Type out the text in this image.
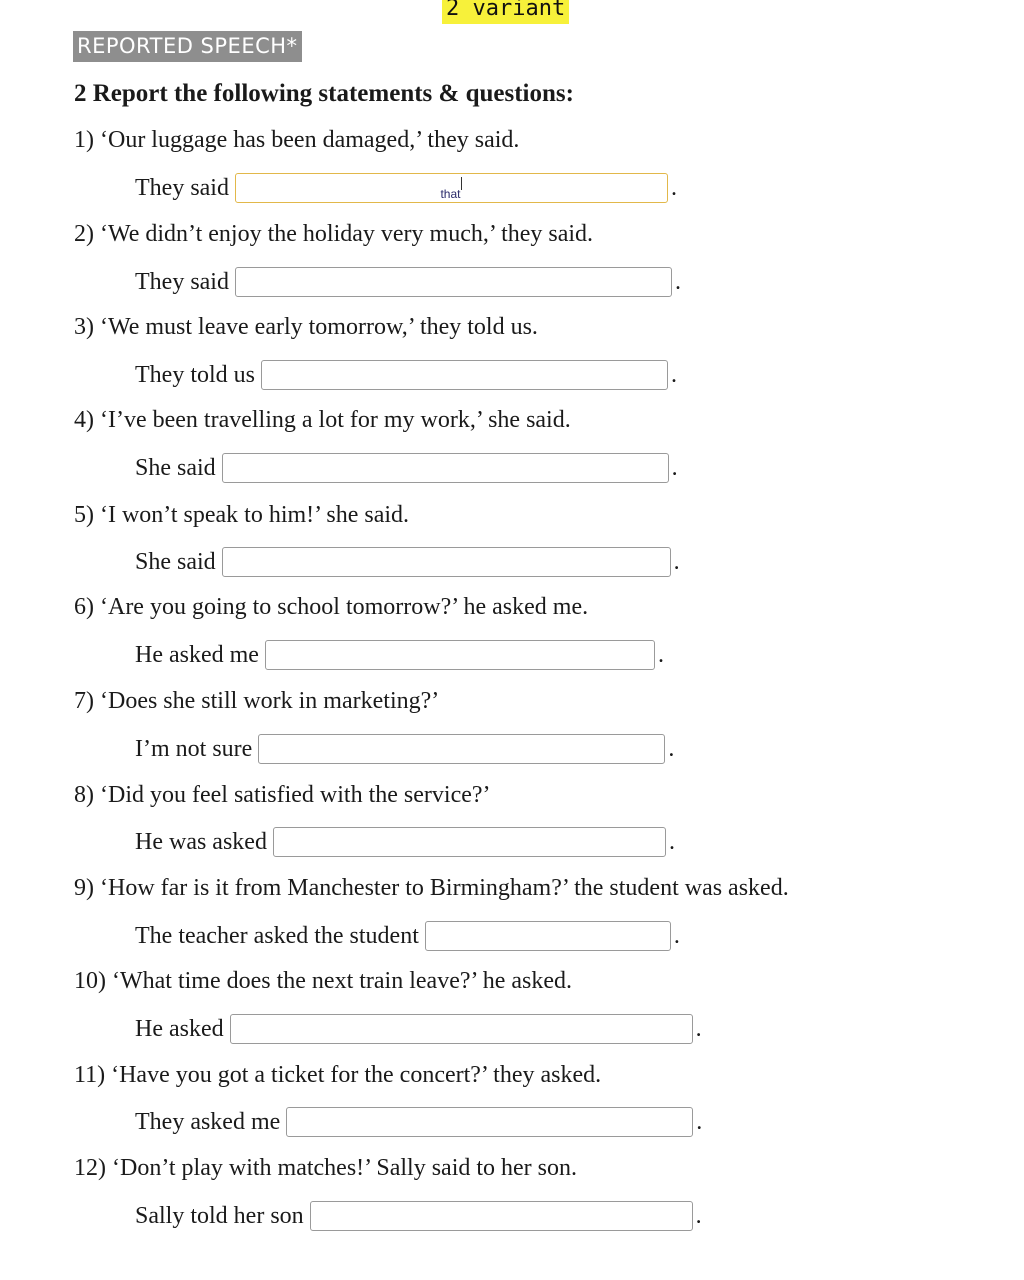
2 variant
REPORTED SPEECH*
2 Report the following statements & questions:
1) ‘Our luggage has been damaged,’ they said.
They said	that	.
2) ‘We didn’t enjoy the holiday very much,’ they said.
They said	.
3) ‘We must leave early tomorrow,’ they told us.
They told us	.
4) ‘I’ve been travelling a lot for my work,’ she said.
She said	.
5) ‘I won’t speak to him!’ she said.
She said	.
6) ‘Are you going to school tomorrow?’ he asked me.
He asked me	.
7) ‘Does she still work in marketing?’
I’m not sure	.
8) ‘Did you feel satisfied with the service?’
He was asked	.
9) ‘How far is it from Manchester to Birmingham?’ the student was asked.
The teacher asked the student	.
10) ‘What time does the next train leave?’ he asked.
He asked	.
11) ‘Have you got a ticket for the concert?’ they asked.
They asked me	.
12) ‘Don’t play with matches!’ Sally said to her son.
Sally told her son	.
